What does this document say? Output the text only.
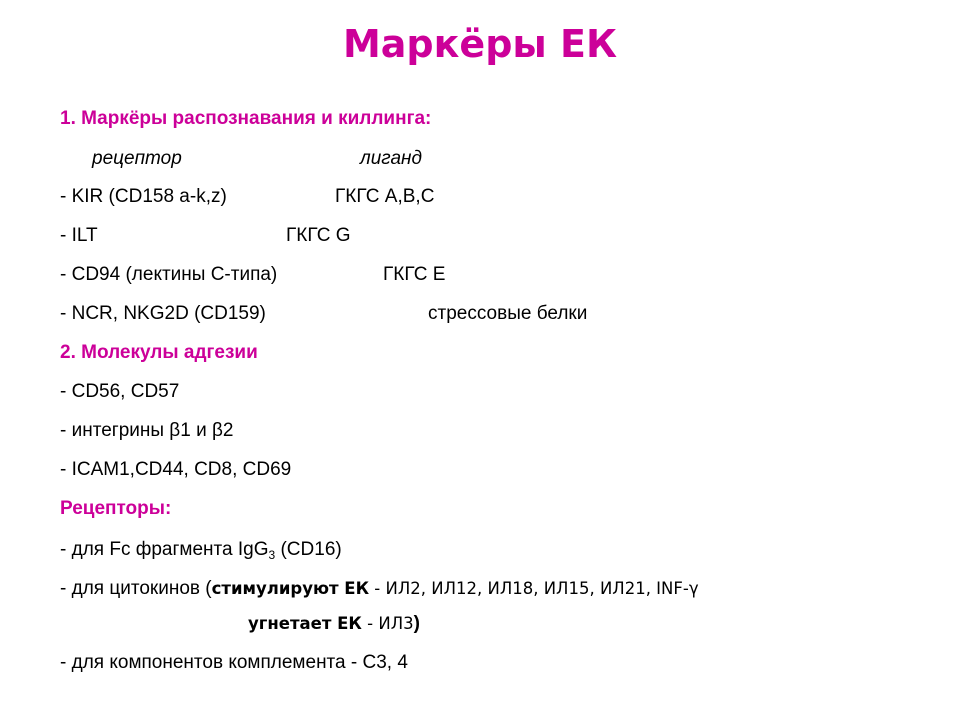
Маркёры ЕК
1. Маркёры распознавания и киллинга:
рецептор	лиганд
- KIR (CD158 a-k,z)	ГКГС А,В,С
- ILT	ГКГС G
- CD94 (лектины С-типа)	ГКГС Е
- NCR, NKG2D (CD159)	стрессовые белки
2. Молекулы адгезии
- CD56, CD57
- интегрины β1 и β2
- ICAM1,CD44, CD8, CD69
Рецепторы:
- для Fc фрагмента IgG$_3$ (CD16)
- для цитокинов (стимулируют ЕК - ИЛ2, ИЛ12, ИЛ18, ИЛ15, ИЛ21, INF-γ
угнетает ЕК - ИЛ3)
- для компонентов комплемента - С3, 4
